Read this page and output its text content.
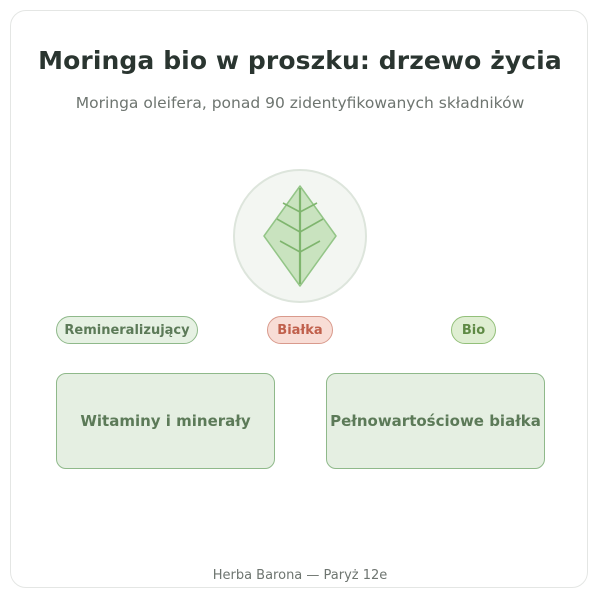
Moringa bio w proszku: drzewo życia
Moringa oleifera, ponad 90 zidentyfikowanych składników
Remineralizujący	Białka	Bio
Witaminy i minerały	Pełnowartościowe białka
Herba Barona — Paryż 12e
